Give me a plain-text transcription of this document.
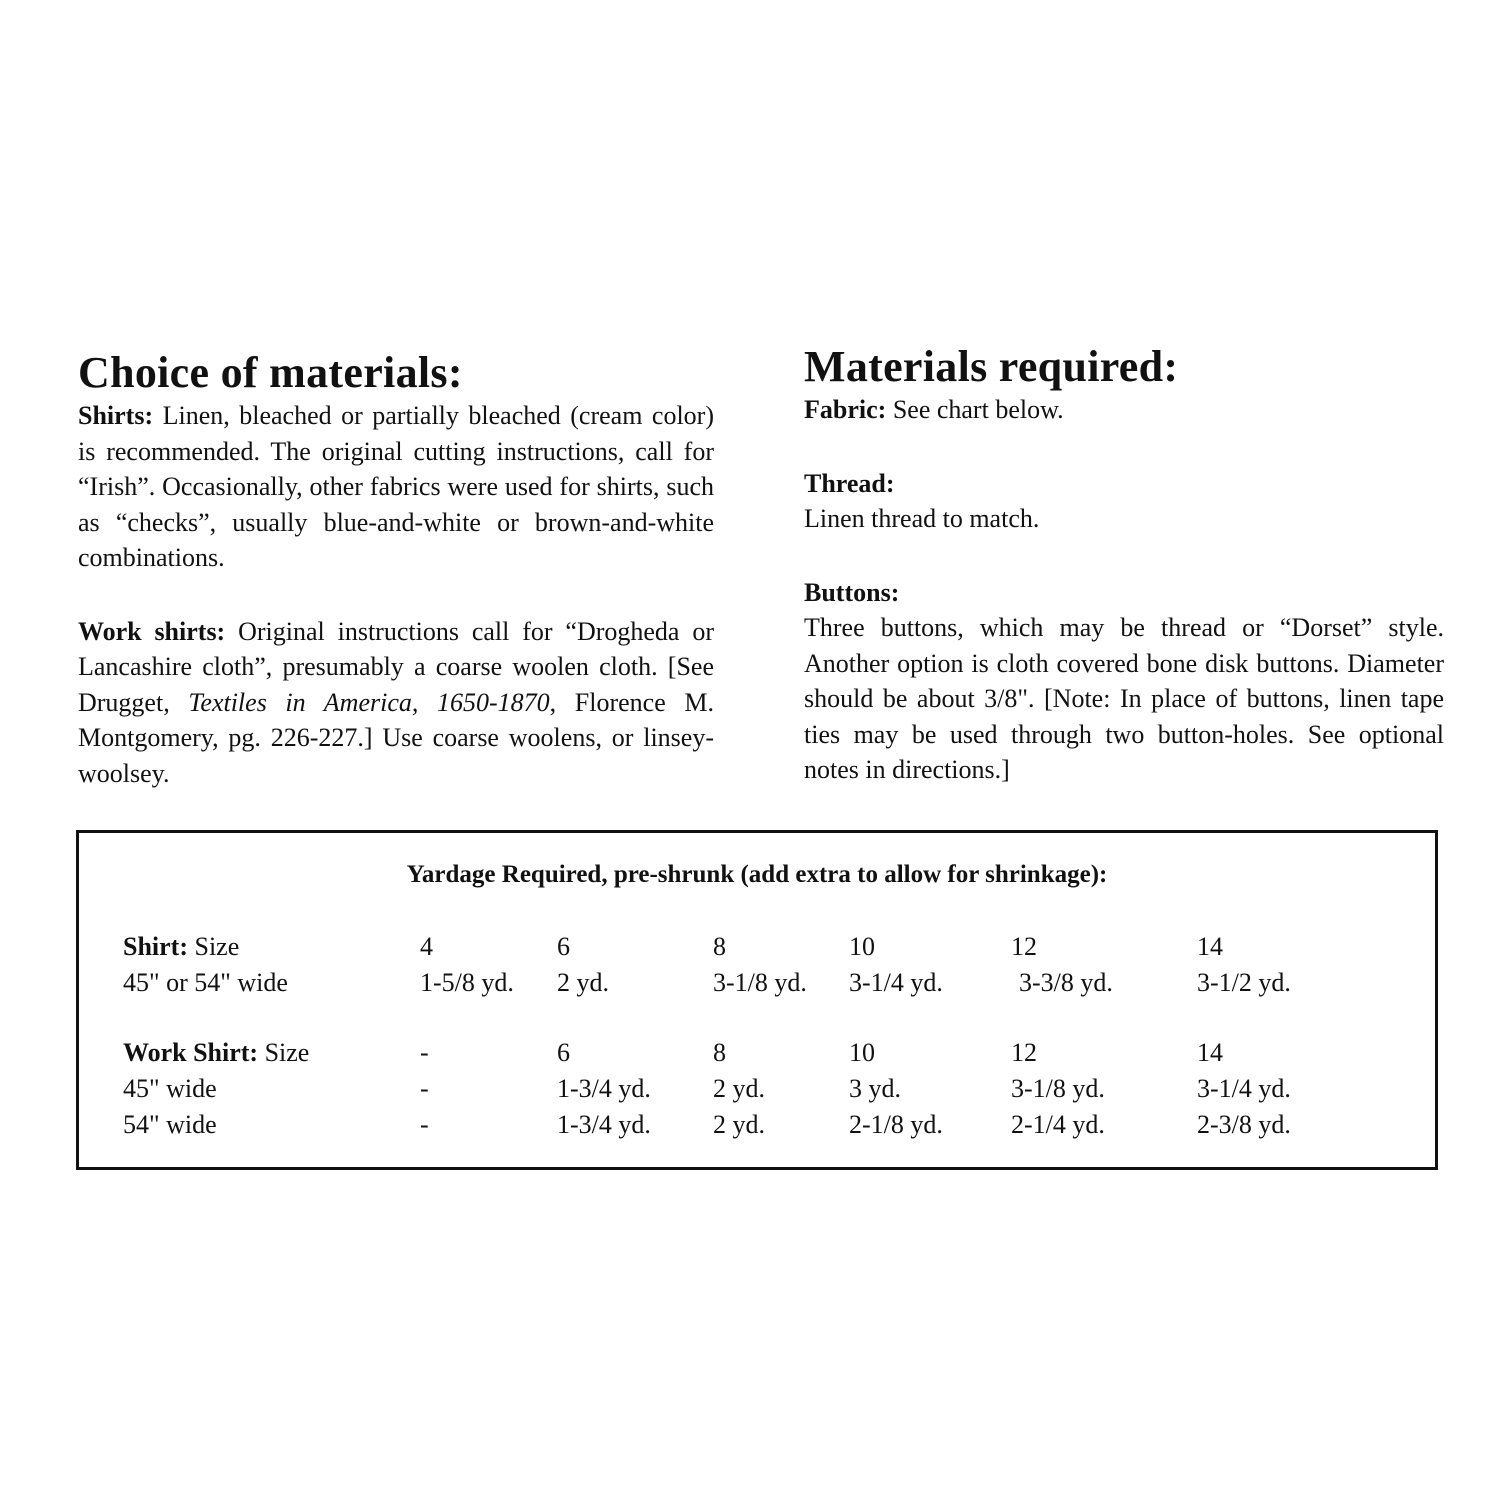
Choice of materials:

Shirts: Linen, bleached or partially bleached (cream color) is recommended. The original cutting instructions, call for “Irish”. Occasionally, other fabrics were used for shirts, such as “checks”, usually blue-and-white or brown-and-white combinations.

Work shirts: Original instructions call for “Drogheda or Lancashire cloth”, presumably a coarse woolen cloth. [See Drugget, Textiles in America, 1650-1870, Florence M. Montgomery, pg. 226-227.] Use coarse woolens, or linsey-woolsey.

Materials required:

Fabric: See chart below.

Thread:

Linen thread to match.

Buttons:

Three buttons, which may be thread or “Dorset” style. Another option is cloth covered bone disk buttons. Diameter should be about 3/8". [Note: In place of buttons, linen tape ties may be used through two button-holes. See optional notes in directions.]

Yardage Required, pre-shrunk (add extra to allow for shrinkage):
Shirt: Size	4	6	8	10	12	14
45" or 54" wide	1-5/8 yd. 2 yd.	3-1/8 yd. 3-1/4 yd.	3-3/8 yd.	3-1/2 yd.
Work Shirt: Size	-	6	8	10	12	14
45" wide	-	1-3/4 yd. 2 yd.	3 yd.	3-1/8 yd.	3-1/4 yd.
54" wide	-	1-3/4 yd. 2 yd.	2-1/8 yd.	2-1/4 yd.	2-3/8 yd.
